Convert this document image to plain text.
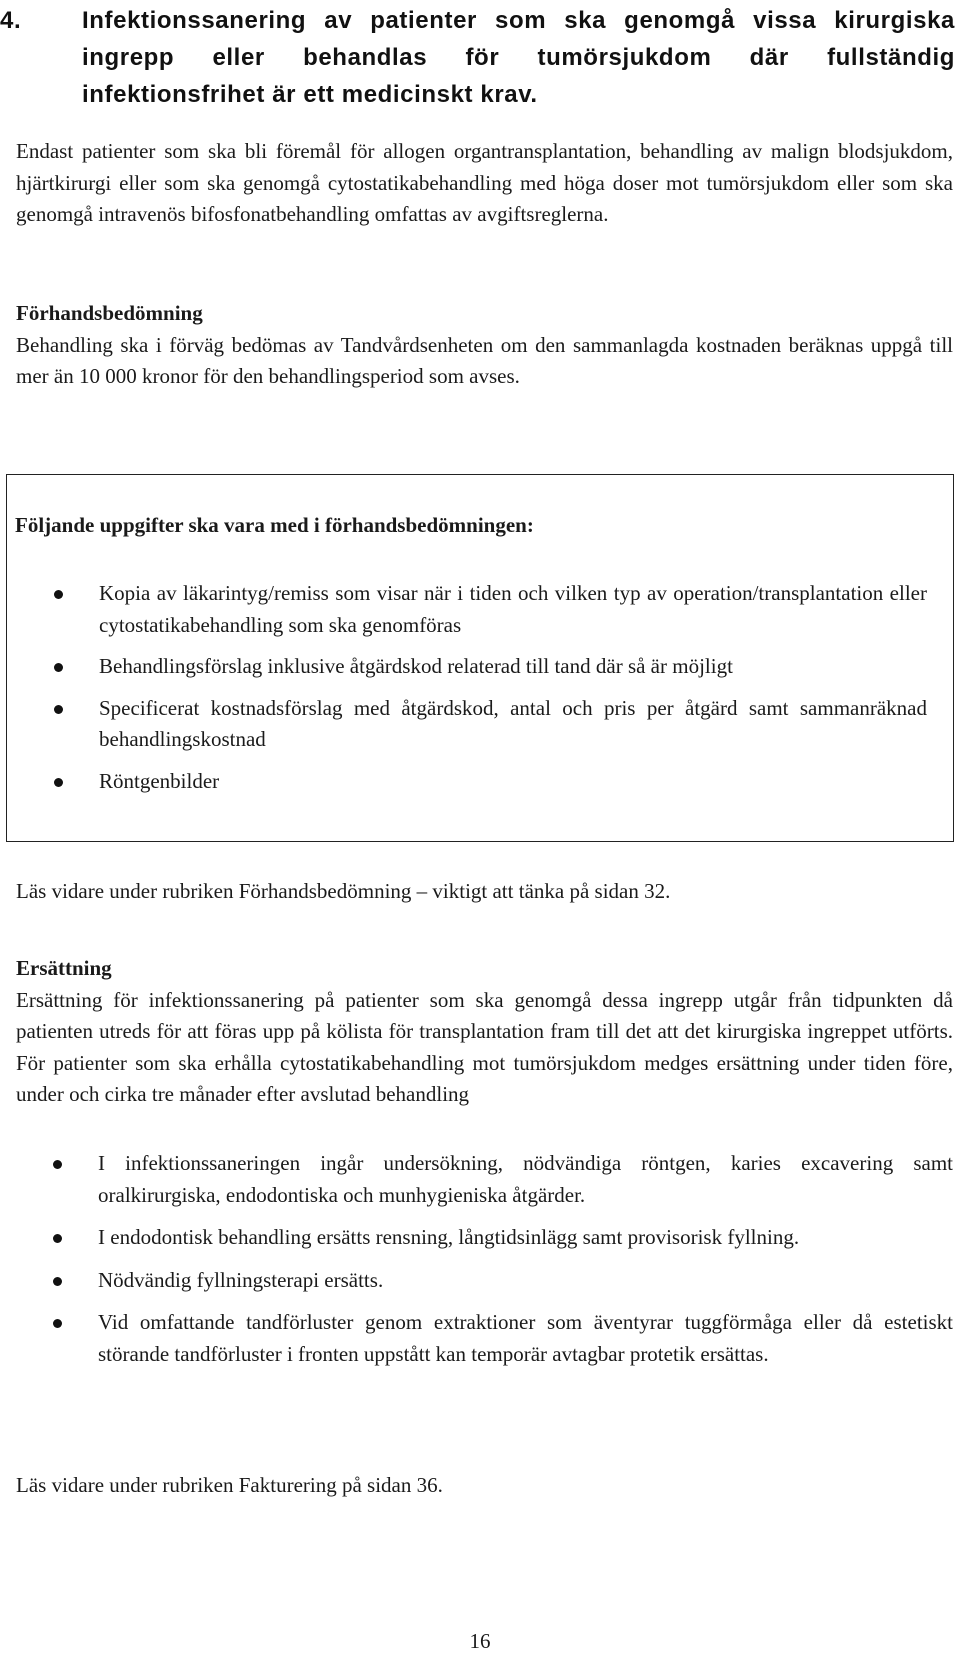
4.	Infektionssanering av patienter som ska genomgå vissa kirurgiska ingrepp eller behandlas för tumörsjukdom där fullständig infektionsfrihet är ett medicinskt krav.
Endast patienter som ska bli föremål för allogen organtransplantation, behandling av malign blodsjukdom, hjärtkirurgi eller som ska genomgå cytostatikabehandling med höga doser mot tumörsjukdom eller som ska genomgå intravenös bifosfonatbehandling omfattas av avgiftsreglerna.
Förhandsbedömning
Behandling ska i förväg bedömas av Tandvårdsenheten om den sammanlagda kostnaden beräknas uppgå till mer än 10 000 kronor för den behandlingsperiod som avses.
Följande uppgifter ska vara med i förhandsbedömningen:
Kopia av läkarintyg/remiss som visar när i tiden och vilken typ av operation/transplantation eller cytostatikabehandling som ska genomföras
Behandlingsförslag inklusive åtgärdskod relaterad till tand där så är möjligt
Specificerat kostnadsförslag med åtgärdskod, antal och pris per åtgärd samt sammanräknad behandlingskostnad
Röntgenbilder
Läs vidare under rubriken Förhandsbedömning – viktigt att tänka på sidan 32.
Ersättning
Ersättning för infektionssanering på patienter som ska genomgå dessa ingrepp utgår från tidpunkten då patienten utreds för att föras upp på kölista för transplantation fram till det att det kirurgiska ingreppet utförts. För patienter som ska erhålla cytostatikabehandling mot tumörsjukdom medges ersättning under tiden före, under och cirka tre månader efter avslutad behandling
I infektionssaneringen ingår undersökning, nödvändiga röntgen, karies excavering samt oralkirurgiska, endodontiska och munhygieniska åtgärder.
I endodontisk behandling ersätts rensning, långtidsinlägg samt provisorisk fyllning.
Nödvändig fyllningsterapi ersätts.
Vid omfattande tandförluster genom extraktioner som äventyrar tuggförmåga eller då estetiskt störande tandförluster i fronten uppstått kan temporär avtagbar protetik ersättas.
Läs vidare under rubriken Fakturering på sidan 36.
16
